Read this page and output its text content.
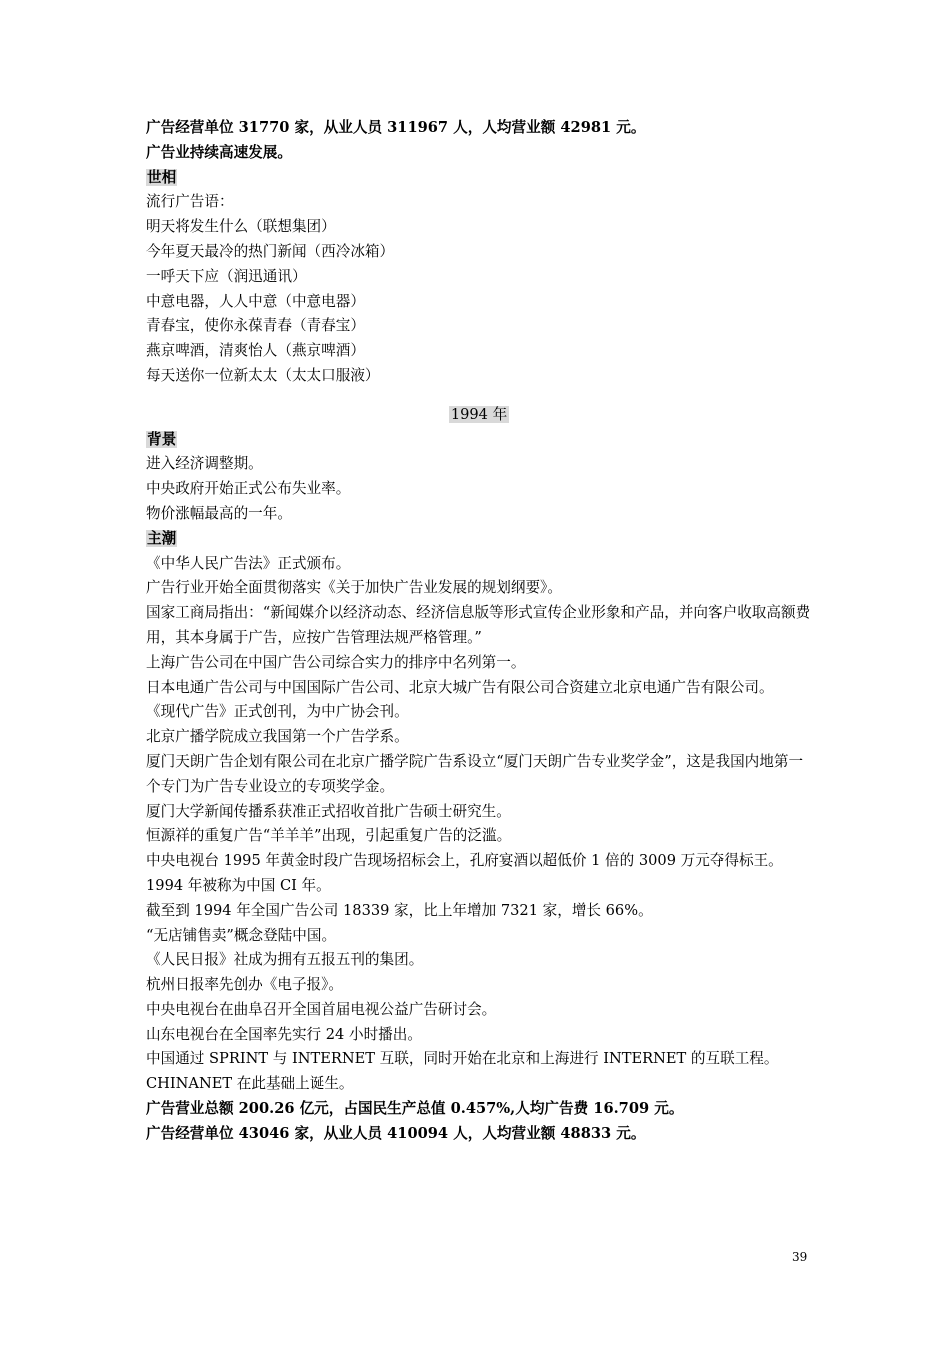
广告经营单位 31770 家，从业人员 311967 人，人均营业额 42981 元。
广告业持续高速发展。
世相
流行广告语：
明天将发生什么（联想集团）
今年夏天最冷的热门新闻（西冷冰箱）
一呼天下应（润迅通讯）
中意电器，人人中意（中意电器）
青春宝，使你永葆青春（青春宝）
燕京啤酒，清爽怡人（燕京啤酒）
每天送你一位新太太（太太口服液）
1994 年
背景
进入经济调整期。
中央政府开始正式公布失业率。
物价涨幅最高的一年。
主潮
《中华人民广告法》正式颁布。
广告行业开始全面贯彻落实《关于加快广告业发展的规划纲要》。
国家工商局指出：“新闻媒介以经济动态、经济信息版等形式宣传企业形象和产品，并向客户收取高额费用，其本身属于广告，应按广告管理法规严格管理。”
上海广告公司在中国广告公司综合实力的排序中名列第一。
日本电通广告公司与中国国际广告公司、北京大城广告有限公司合资建立北京电通广告有限公司。
《现代广告》正式创刊，为中广协会刊。
北京广播学院成立我国第一个广告学系。
厦门天朗广告企划有限公司在北京广播学院广告系设立“厦门天朗广告专业奖学金”，这是我国内地第一个专门为广告专业设立的专项奖学金。
厦门大学新闻传播系获准正式招收首批广告硕士研究生。
恒源祥的重复广告“羊羊羊”出现，引起重复广告的泛滥。
中央电视台 1995 年黄金时段广告现场招标会上，孔府宴酒以超低价 1 倍的 3009 万元夺得标王。
1994 年被称为中国 CI 年。
截至到 1994 年全国广告公司 18339 家，比上年增加 7321 家，增长 66%。
“无店铺售卖”概念登陆中国。
《人民日报》社成为拥有五报五刊的集团。
杭州日报率先创办《电子报》。
中央电视台在曲阜召开全国首届电视公益广告研讨会。
山东电视台在全国率先实行 24 小时播出。
中国通过 SPRINT 与 INTERNET 互联，同时开始在北京和上海进行 INTERNET 的互联工程。CHINANET 在此基础上诞生。
广告营业总额 200.26 亿元，占国民生产总值 0.457%,人均广告费 16.709 元。
广告经营单位 43046 家，从业人员 410094 人，人均营业额 48833 元。
39
